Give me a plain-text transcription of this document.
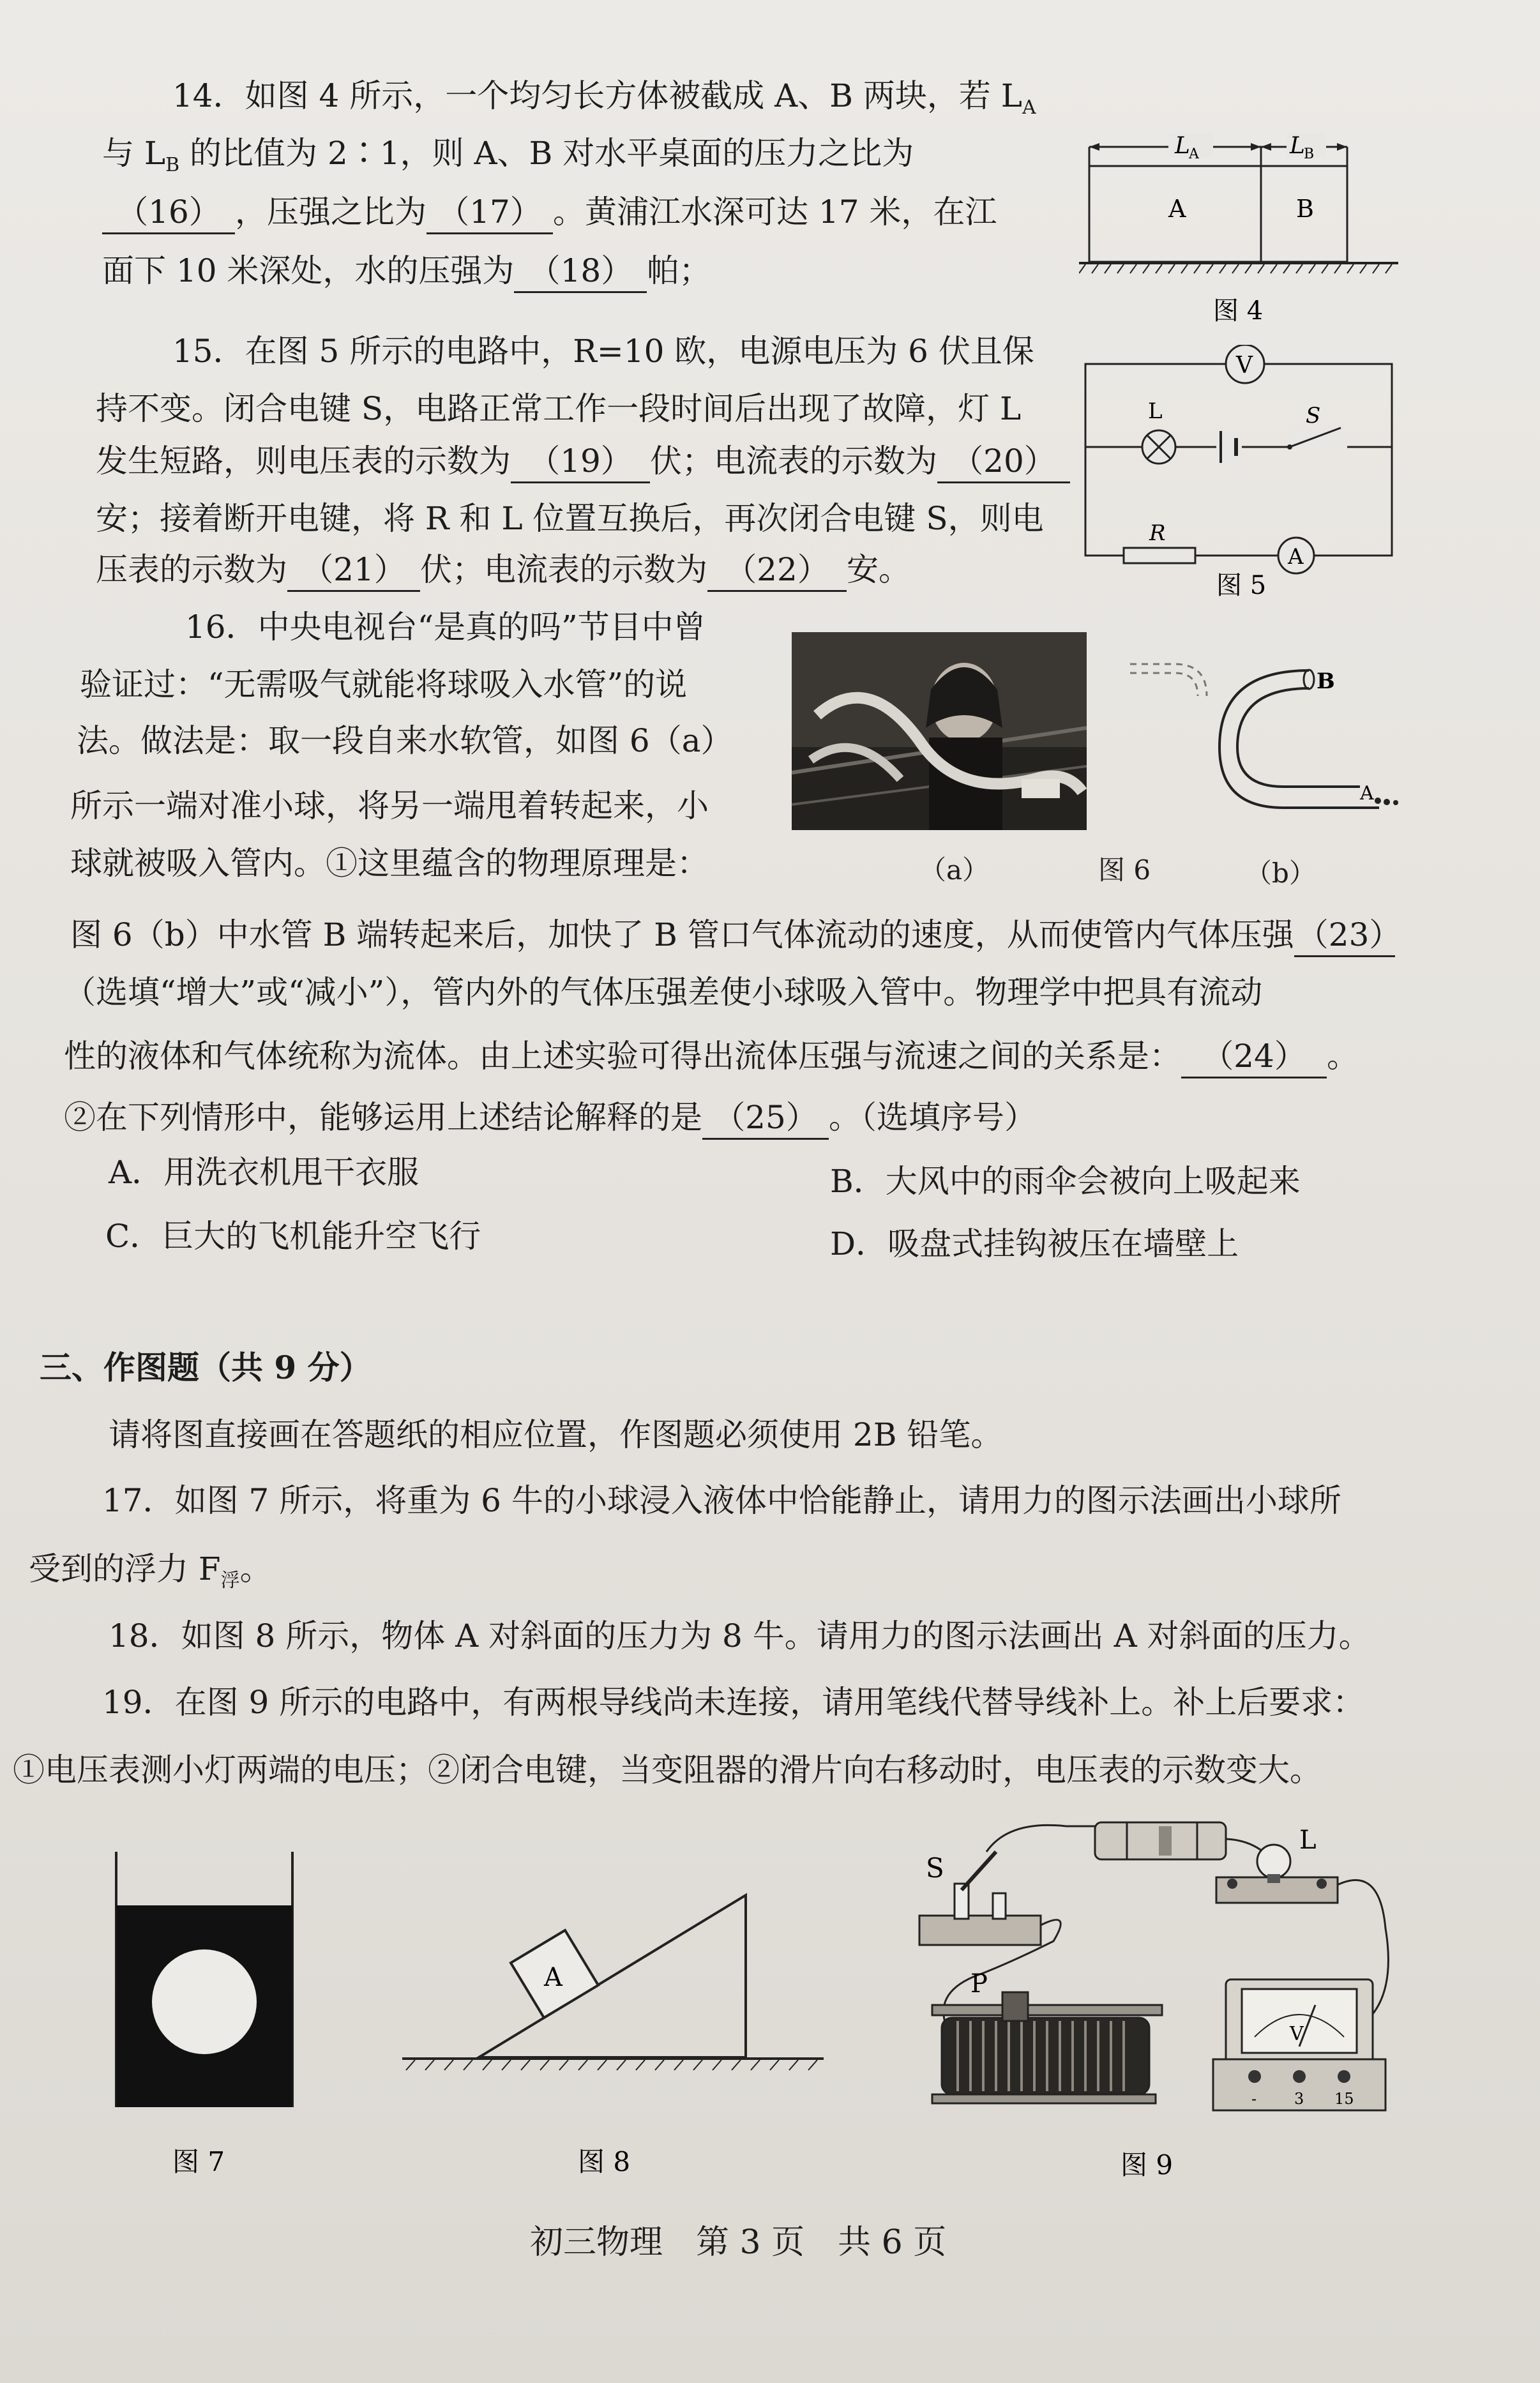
14．如图 4 所示，一个均匀长方体被截成 A、B 两块，若 $L_A$
与 $L_B$ 的比值为 2∶1，则 A、B 对水平桌面的压力之比为
（16） ，压强之比为 （17） 。黄浦江水深可达 17 米，在江
面下 10 米深处，水的压强为 （18） 帕；
L
A	L
B
A	B
图 4
15．在图 5 所示的电路中，R=10 欧，电源电压为 6 伏且保
持不变。闭合电键 S，电路正常工作一段时间后出现了故障，灯 L
发生短路，则电压表的示数为 （19） 伏；电流表的示数为 （20）
安；接着断开电键，将 R 和 L 位置互换后，再次闭合电键 S，则电
压表的示数为 （21） 伏；电流表的示数为 （22） 安。
V
L	S
R
A
图 5
16．中央电视台“是真的吗”节目中曾
验证过：“无需吸气就能将球吸入水管”的说
法。做法是：取一段自来水软管，如图 6（a）
所示一端对准小球，将另一端甩着转起来，小
球就被吸入管内。①这里蕴含的物理原理是：	（a）	图 6	（b）
B
A
图 6（b）中水管 B 端转起来后，加快了 B 管口气体流动的速度，从而使管内气体压强（23）
（选填“增大”或“减小”），管内外的气体压强差使小球吸入管中。物理学中把具有流动
性的液体和气体统称为流体。由上述实验可得出流体压强与流速之间的关系是： （24） 。
②在下列情形中，能够运用上述结论解释的是 （25） 。（选填序号）
A．用洗衣机甩干衣服	B．大风中的雨伞会被向上吸起来
C．巨大的飞机能升空飞行	D．吸盘式挂钩被压在墙壁上
三、作图题（共 9 分）
请将图直接画在答题纸的相应位置，作图题必须使用 2B 铅笔。
17．如图 7 所示，将重为 6 牛的小球浸入液体中恰能静止，请用力的图示法画出小球所
受到的浮力 $F_浮$。
18．如图 8 所示，物体 A 对斜面的压力为 8 牛。请用力的图示法画出 A 对斜面的压力。
19．在图 9 所示的电路中，有两根导线尚未连接，请用笔线代替导线补上。补上后要求：
①电压表测小灯两端的电压；②闭合电键，当变阻器的滑片向右移动时，电压表的示数变大。
图 7
A
图 8
L
S
P
V
- 3 15
图 9
初三物理　第 3 页　共 6 页
